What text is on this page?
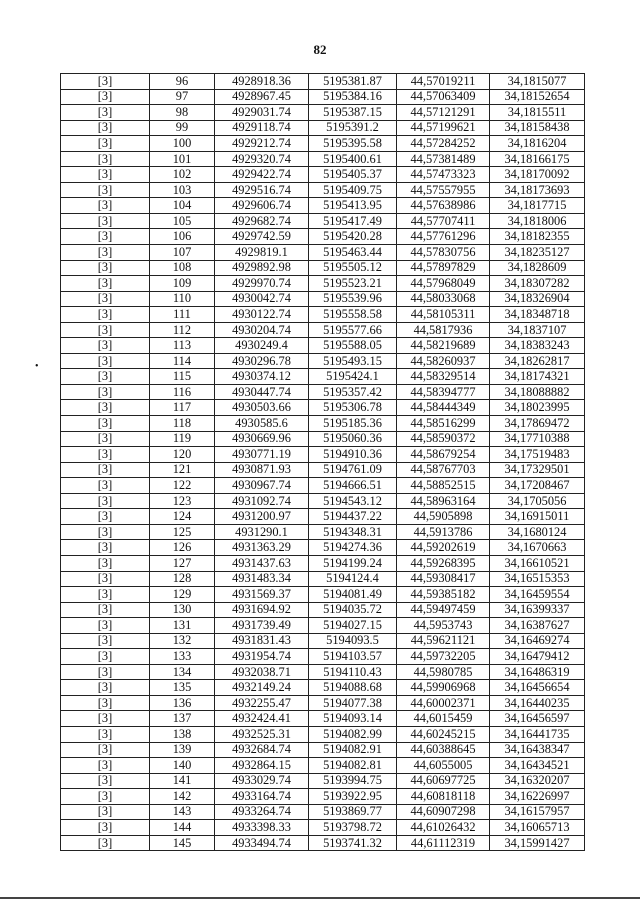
82
•
[3]	96	4928918.36	5195381.87	44,57019211	34,1815077
[3]	97	4928967.45	5195384.16	44,57063409	34,18152654
[3]	98	4929031.74	5195387.15	44,57121291	34,1815511
[3]	99	4929118.74	5195391.2	44,57199621	34,18158438
[3]	100	4929212.74	5195395.58	44,57284252	34,1816204
[3]	101	4929320.74	5195400.61	44,57381489	34,18166175
[3]	102	4929422.74	5195405.37	44,57473323	34,18170092
[3]	103	4929516.74	5195409.75	44,57557955	34,18173693
[3]	104	4929606.74	5195413.95	44,57638986	34,1817715
[3]	105	4929682.74	5195417.49	44,57707411	34,1818006
[3]	106	4929742.59	5195420.28	44,57761296	34,18182355
[3]	107	4929819.1	5195463.44	44,57830756	34,18235127
[3]	108	4929892.98	5195505.12	44,57897829	34,1828609
[3]	109	4929970.74	5195523.21	44,57968049	34,18307282
[3]	110	4930042.74	5195539.96	44,58033068	34,18326904
[3]	111	4930122.74	5195558.58	44,58105311	34,18348718
[3]	112	4930204.74	5195577.66	44,5817936	34,1837107
[3]	113	4930249.4	5195588.05	44,58219689	34,18383243
[3]	114	4930296.78	5195493.15	44,58260937	34,18262817
[3]	115	4930374.12	5195424.1	44,58329514	34,18174321
[3]	116	4930447.74	5195357.42	44,58394777	34,18088882
[3]	117	4930503.66	5195306.78	44,58444349	34,18023995
[3]	118	4930585.6	5195185.36	44,58516299	34,17869472
[3]	119	4930669.96	5195060.36	44,58590372	34,17710388
[3]	120	4930771.19	5194910.36	44,58679254	34,17519483
[3]	121	4930871.93	5194761.09	44,58767703	34,17329501
[3]	122	4930967.74	5194666.51	44,58852515	34,17208467
[3]	123	4931092.74	5194543.12	44,58963164	34,1705056
[3]	124	4931200.97	5194437.22	44,5905898	34,16915011
[3]	125	4931290.1	5194348.31	44,5913786	34,1680124
[3]	126	4931363.29	5194274.36	44,59202619	34,1670663
[3]	127	4931437.63	5194199.24	44,59268395	34,16610521
[3]	128	4931483.34	5194124.4	44,59308417	34,16515353
[3]	129	4931569.37	5194081.49	44,59385182	34,16459554
[3]	130	4931694.92	5194035.72	44,59497459	34,16399337
[3]	131	4931739.49	5194027.15	44,5953743	34,16387627
[3]	132	4931831.43	5194093.5	44,59621121	34,16469274
[3]	133	4931954.74	5194103.57	44,59732205	34,16479412
[3]	134	4932038.71	5194110.43	44,5980785	34,16486319
[3]	135	4932149.24	5194088.68	44,59906968	34,16456654
[3]	136	4932255.47	5194077.38	44,60002371	34,16440235
[3]	137	4932424.41	5194093.14	44,6015459	34,16456597
[3]	138	4932525.31	5194082.99	44,60245215	34,16441735
[3]	139	4932684.74	5194082.91	44,60388645	34,16438347
[3]	140	4932864.15	5194082.81	44,6055005	34,16434521
[3]	141	4933029.74	5193994.75	44,60697725	34,16320207
[3]	142	4933164.74	5193922.95	44,60818118	34,16226997
[3]	143	4933264.74	5193869.77	44,60907298	34,16157957
[3]	144	4933398.33	5193798.72	44,61026432	34,16065713
[3]	145	4933494.74	5193741.32	44,61112319	34,15991427
